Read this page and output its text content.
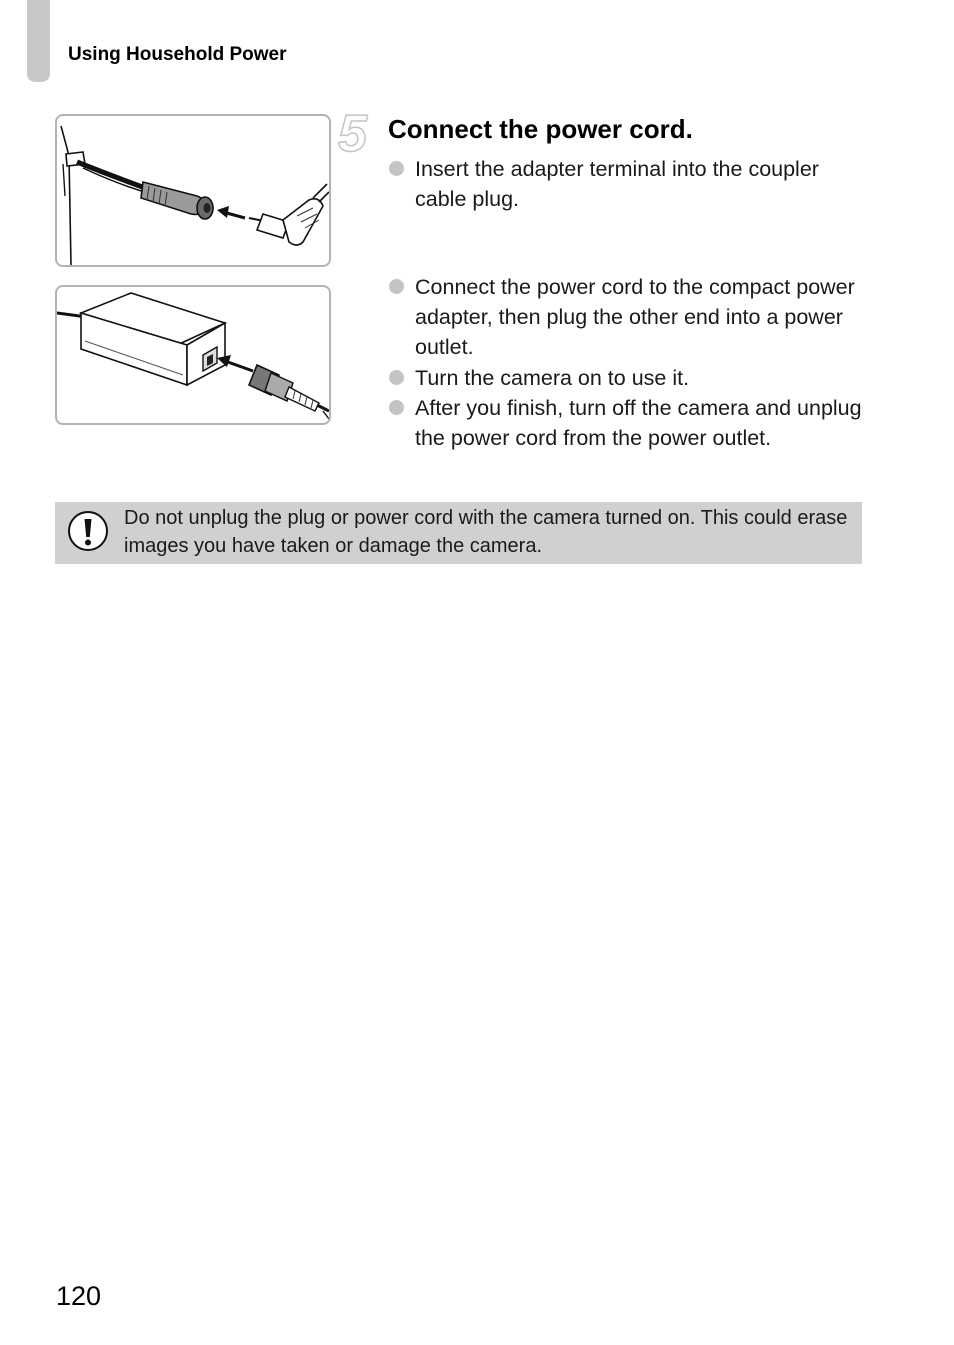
Using Household Power
5 Connect the power cord.
Insert the adapter terminal into the coupler cable plug.
Connect the power cord to the compact power adapter, then plug the other end into a power outlet.
Turn the camera on to use it.
After you finish, turn off the camera and unplug the power cord from the power outlet.
Do not unplug the plug or power cord with the camera turned on. This could erase images you have taken or damage the camera.
120
